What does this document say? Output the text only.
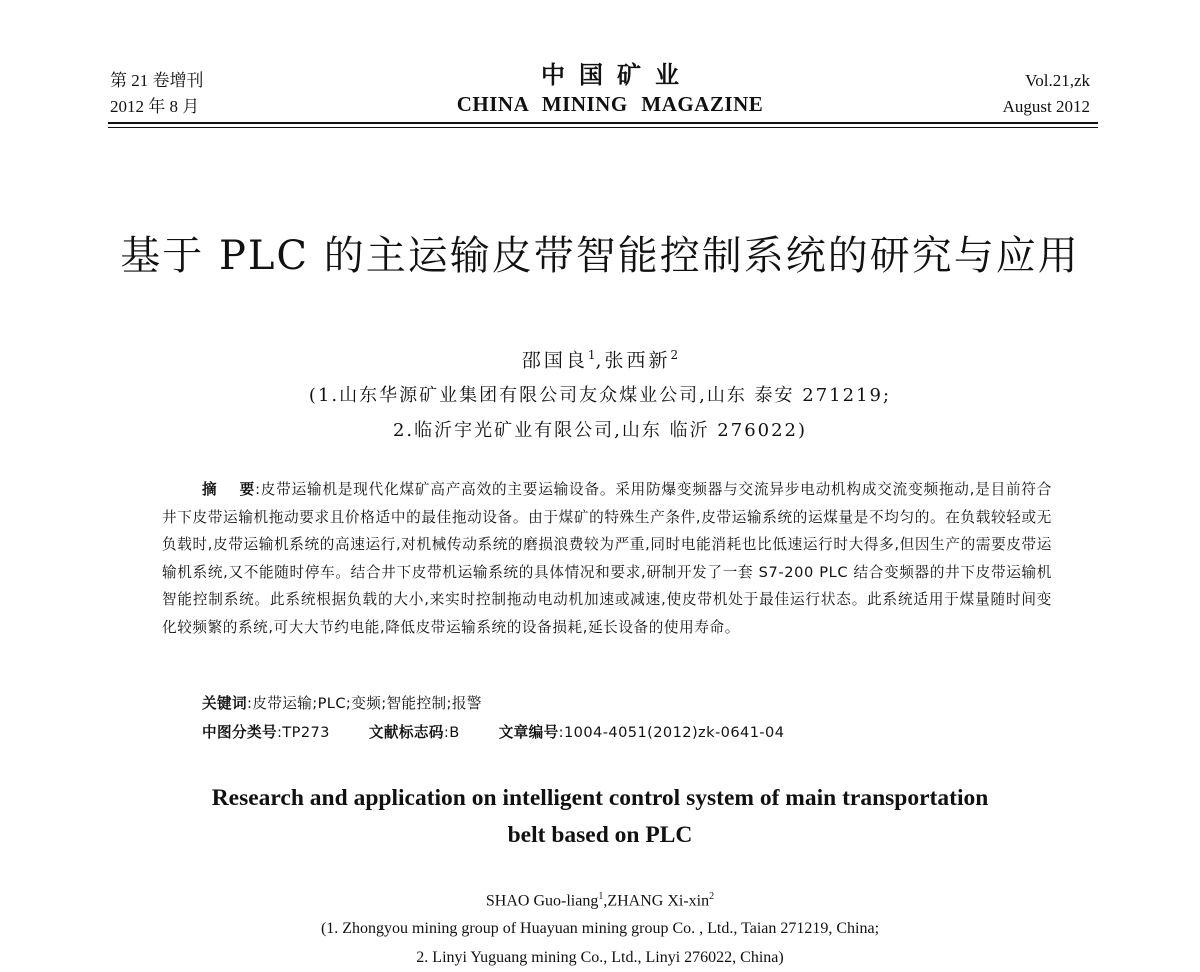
第 21 卷增刊
2012 年 8 月
中国矿业
CHINA MINING MAGAZINE
Vol.21,zk
August 2012
基于 PLC 的主运输皮带智能控制系统的研究与应用
邵国良$^1$,张西新$^2$
(1.山东华源矿业集团有限公司友众煤业公司,山东 泰安 271219;
2.临沂宇光矿业有限公司,山东 临沂 276022)
摘 要:皮带运输机是现代化煤矿高产高效的主要运输设备。采用防爆变频器与交流异步电动机构成交流变频拖动,是目前符合井下皮带运输机拖动要求且价格适中的最佳拖动设备。由于煤矿的特殊生产条件,皮带运输系统的运煤量是不均匀的。在负载较轻或无负载时,皮带运输机系统的高速运行,对机械传动系统的磨损浪费较为严重,同时电能消耗也比低速运行时大得多,但因生产的需要皮带运输机系统,又不能随时停车。结合井下皮带机运输系统的具体情况和要求,研制开发了一套 S7-200 PLC 结合变频器的井下皮带运输机智能控制系统。此系统根据负载的大小,来实时控制拖动电动机加速或减速,使皮带机处于最佳运行状态。此系统适用于煤量随时间变化较频繁的系统,可大大节约电能,降低皮带运输系统的设备损耗,延长设备的使用寿命。
关键词:皮带运输;PLC;变频;智能控制;报警
中图分类号:TP273	文献标志码:B	文章编号:1004-4051(2012)zk-0641-04
Research and application on intelligent control system of main transportation
belt based on PLC
SHAO Guo-liang$^1$,ZHANG Xi-xin$^2$
(1. Zhongyou mining group of Huayuan mining group Co. , Ltd., Taian 271219, China;
2. Linyi Yuguang mining Co., Ltd., Linyi 276022, China)
